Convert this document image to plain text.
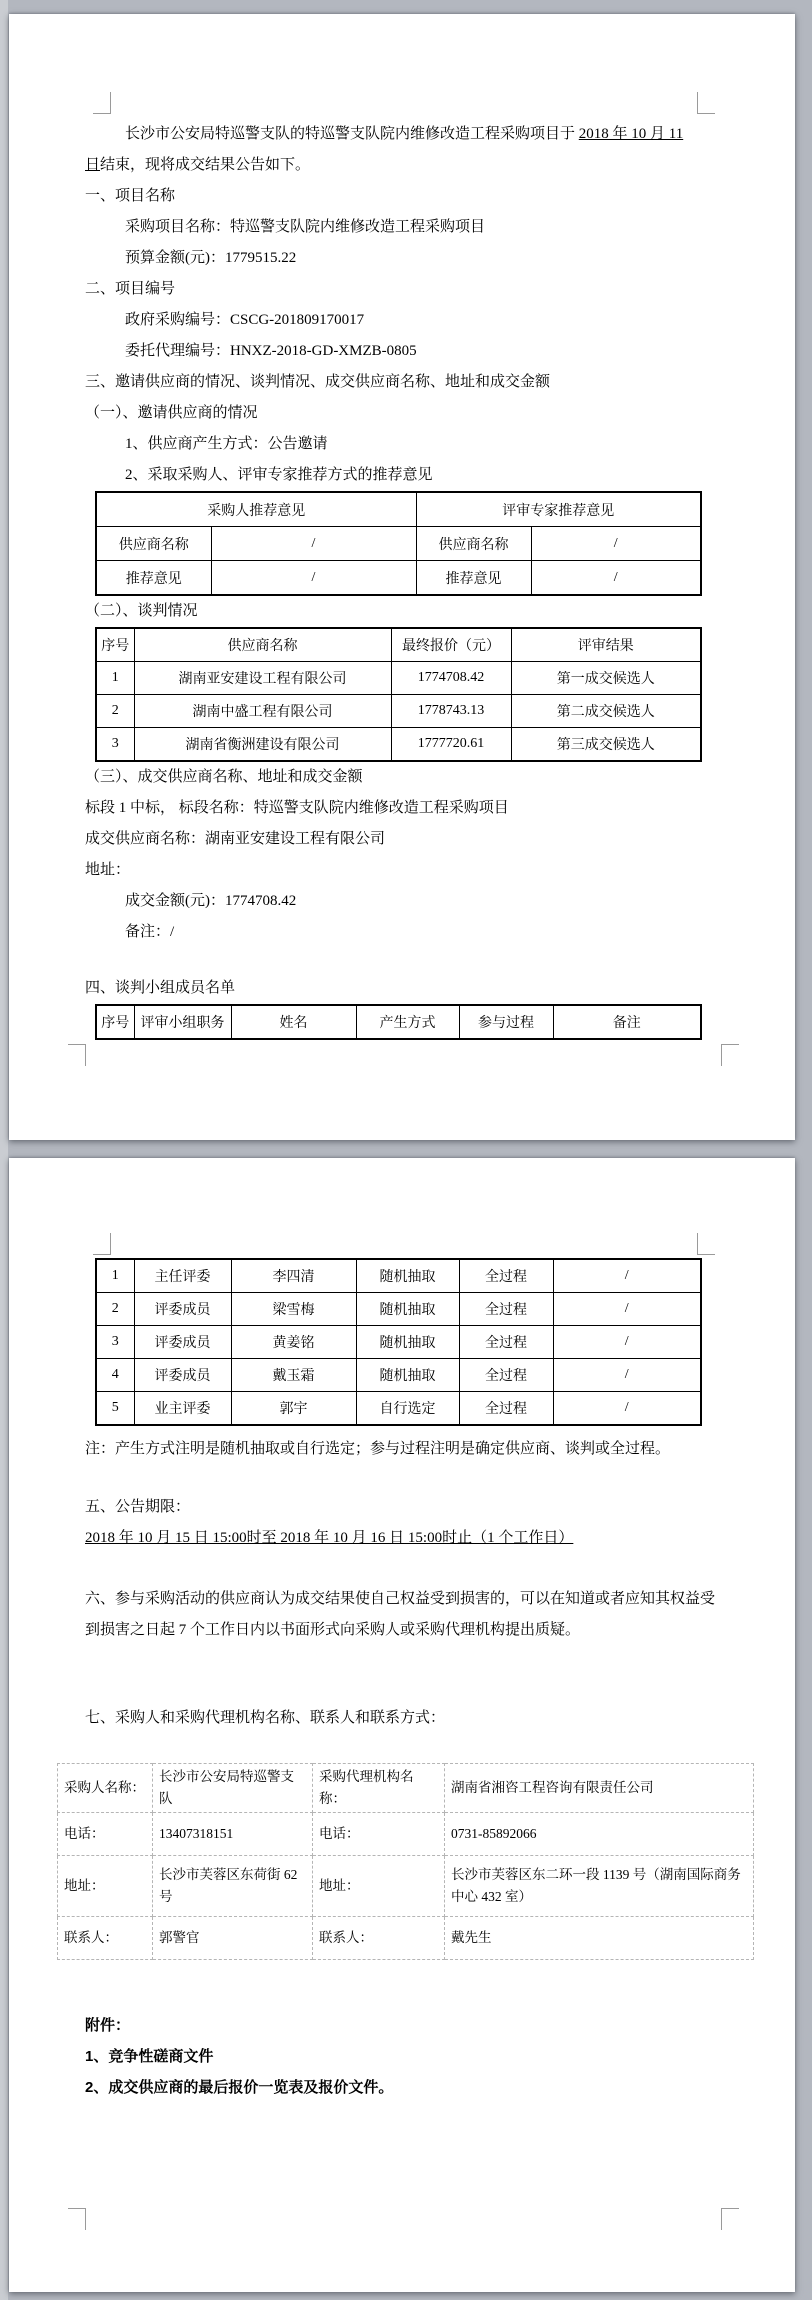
长沙市公安局特巡警支队的特巡警支队院内维修改造工程采购项目于 2018 年 10 月 11
日结束，现将成交结果公告如下。
一、项目名称
采购项目名称：特巡警支队院内维修改造工程采购项目
预算金额(元)：1779515.22
二、项目编号
政府采购编号：CSCG-201809170017
委托代理编号：HNXZ-2018-GD-XMZB-0805
三、邀请供应商的情况、谈判情况、成交供应商名称、地址和成交金额
（一）、邀请供应商的情况
1、供应商产生方式：公告邀请
2、采取采购人、评审专家推荐方式的推荐意见
采购人推荐意见		评审专家推荐意见	
供应商名称	/	供应商名称	/
推荐意见	/	推荐意见	/
（二）、谈判情况
序号	供应商名称	最终报价（元）	评审结果
1	湖南亚安建设工程有限公司	1774708.42	第一成交候选人
2	湖南中盛工程有限公司	1778743.13	第二成交候选人
3	湖南省衡洲建设有限公司	1777720.61	第三成交候选人
（三）、成交供应商名称、地址和成交金额
标段 1 中标， 标段名称：特巡警支队院内维修改造工程采购项目
成交供应商名称：湖南亚安建设工程有限公司
地址：
成交金额(元)：1774708.42
备注：/
四、谈判小组成员名单
序号	评审小组职务	姓名	产生方式	参与过程	备注
1	主任评委	李四清	随机抽取	全过程	/
2	评委成员	梁雪梅	随机抽取	全过程	/
3	评委成员	黄姜铭	随机抽取	全过程	/
4	评委成员	戴玉霜	随机抽取	全过程	/
5	业主评委	郭宇	自行选定	全过程	/
注：产生方式注明是随机抽取或自行选定；参与过程注明是确定供应商、谈判或全过程。
五、公告期限：
2018 年 10 月 15 日 15:00时至 2018 年 10 月 16 日 15:00时止（1 个工作日）
六、参与采购活动的供应商认为成交结果使自己权益受到损害的，可以在知道或者应知其权益受到损害之日起 7 个工作日内以书面形式向采购人或采购代理机构提出质疑。
七、采购人和采购代理机构名称、联系人和联系方式：
采购人名称：	长沙市公安局特巡警支队	采购代理机构名称：	湖南省湘咨工程咨询有限责任公司
电话：	13407318151	电话：	0731-85892066
地址：	长沙市芙蓉区东荷街 62 号	地址：	长沙市芙蓉区东二环一段 1139 号（湖南国际商务中心 432 室）
联系人：	郭警官	联系人：	戴先生
附件：
1、竞争性磋商文件
2、成交供应商的最后报价一览表及报价文件。
